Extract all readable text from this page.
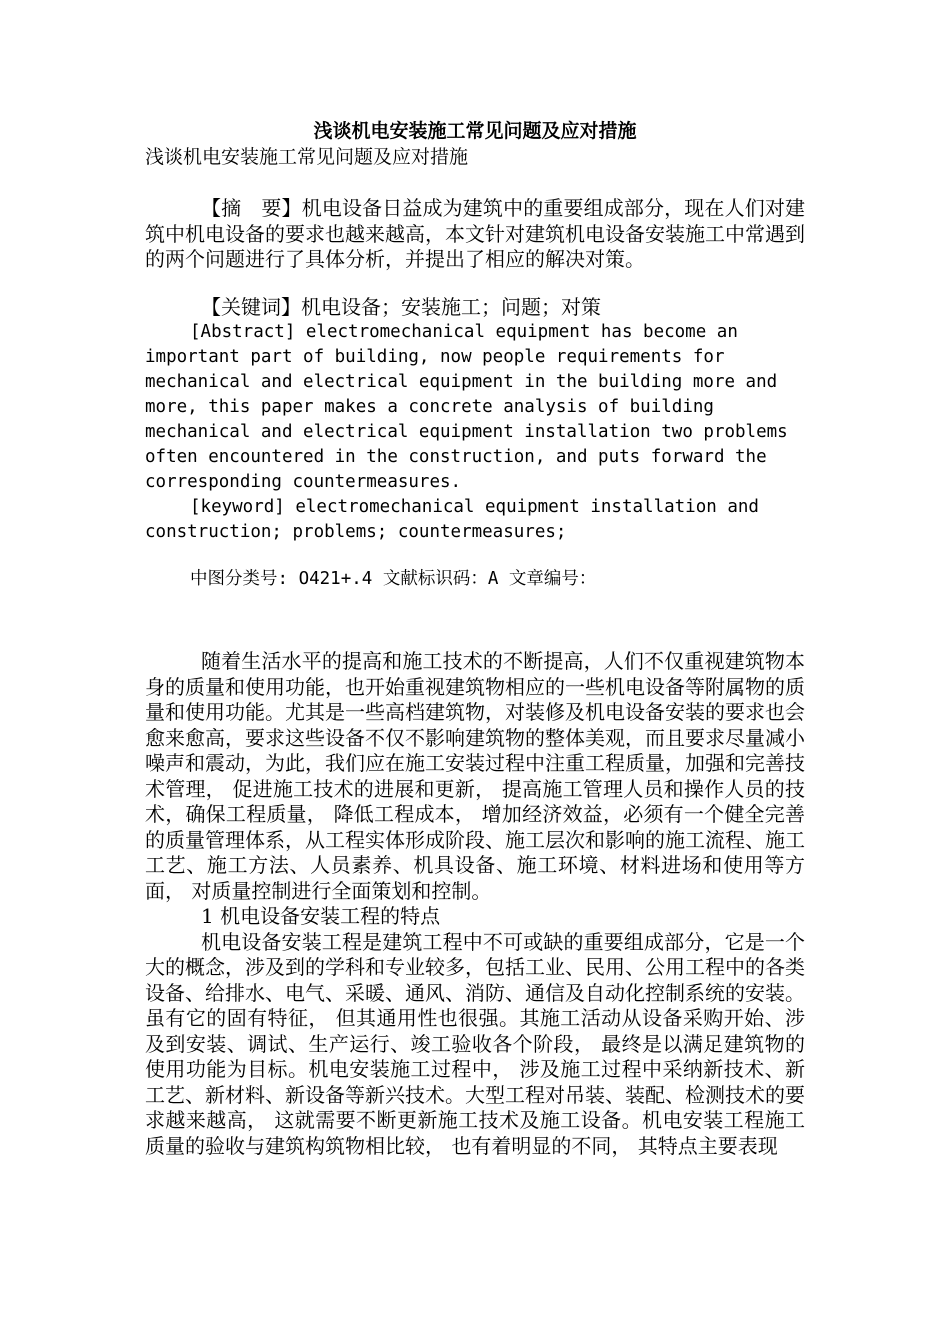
浅谈机电安装施工常见问题及应对措施

浅谈机电安装施工常见问题及应对措施

【摘　要】机电设备日益成为建筑中的重要组成部分，现在人们对建筑中机电设备的要求也越来越高，本文针对建筑机电设备安装施工中常遇到的两个问题进行了具体分析，并提出了相应的解决对策。

【关键词】机电设备；安装施工；问题；对策

[Abstract] electromechanical equipment has become an important part of building, now people requirements for mechanical and electrical equipment in the building more and more, this paper makes a concrete analysis of building mechanical and electrical equipment installation two problems often encountered in the construction, and puts forward the corresponding countermeasures.

[keyword] electromechanical equipment installation and construction; problems; countermeasures;

中图分类号: O421+.4 文献标识码：A 文章编号：

随着生活水平的提高和施工技术的不断提高，人们不仅重视建筑物本身的质量和使用功能，也开始重视建筑物相应的一些机电设备等附属物的质量和使用功能。尤其是一些高档建筑物，对装修及机电设备安装的要求也会愈来愈高，要求这些设备不仅不影响建筑物的整体美观，而且要求尽量减小噪声和震动，为此，我们应在施工安装过程中注重工程质量，加强和完善技术管理， 促进施工技术的进展和更新， 提高施工管理人员和操作人员的技术，确保工程质量， 降低工程成本， 增加经济效益，必须有一个健全完善的质量管理体系，从工程实体形成阶段、施工层次和影响的施工流程、施工工艺、施工方法、人员素养、机具设备、施工环境、材料进场和使用等方面， 对质量控制进行全面策划和控制。

1 机电设备安装工程的特点

机电设备安装工程是建筑工程中不可或缺的重要组成部分，它是一个大的概念，涉及到的学科和专业较多，包括工业、民用、公用工程中的各类设备、给排水、电气、采暖、通风、消防、通信及自动化控制系统的安装。虽有它的固有特征， 但其通用性也很强。其施工活动从设备采购开始、涉及到安装、调试、生产运行、竣工验收各个阶段， 最终是以满足建筑物的使用功能为目标。机电安装施工过程中， 涉及施工过程中采纳新技术、新工艺、新材料、新设备等新兴技术。大型工程对吊装、装配、检测技术的要求越来越高， 这就需要不断更新施工技术及施工设备。机电安装工程施工质量的验收与建筑构筑物相比较， 也有着明显的不同， 其特点主要表现
